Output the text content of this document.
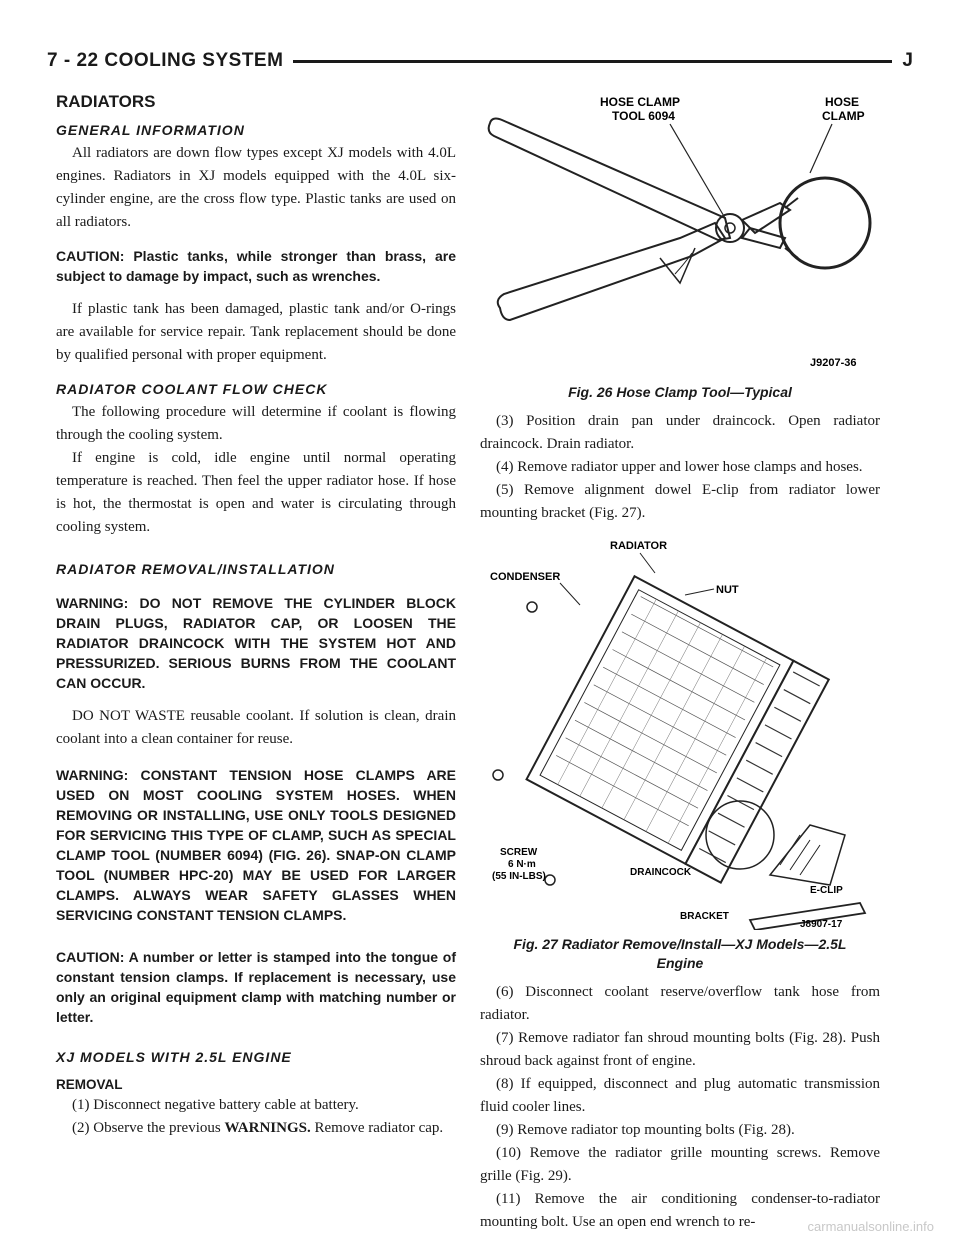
7 - 22 COOLING SYSTEM	J
RADIATORS
GENERAL INFORMATION

All radiators are down flow types except XJ models with 4.0L engines. Radiators in XJ models equipped with the 4.0L six-cylinder engine, are the cross flow type. Plastic tanks are used on all radiators.

CAUTION: Plastic tanks, while stronger than brass, are subject to damage by impact, such as wrenches.

If plastic tank has been damaged, plastic tank and/or O-rings are available for service repair. Tank replacement should be done by qualified personal with proper equipment.

RADIATOR COOLANT FLOW CHECK

The following procedure will determine if coolant is flowing through the cooling system.

If engine is cold, idle engine until normal operating temperature is reached. Then feel the upper radiator hose. If hose is hot, the thermostat is open and water is circulating through cooling system.

RADIATOR REMOVAL/INSTALLATION
WARNING: DO NOT REMOVE THE CYLINDER BLOCK DRAIN PLUGS, RADIATOR CAP, OR LOOSEN THE RADIATOR DRAINCOCK WITH THE SYSTEM HOT AND PRESSURIZED. SERIOUS BURNS FROM THE COOLANT CAN OCCUR.

DO NOT WASTE reusable coolant. If solution is clean, drain coolant into a clean container for reuse.

WARNING: CONSTANT TENSION HOSE CLAMPS ARE USED ON MOST COOLING SYSTEM HOSES. WHEN REMOVING OR INSTALLING, USE ONLY TOOLS DESIGNED FOR SERVICING THIS TYPE OF CLAMP, SUCH AS SPECIAL CLAMP TOOL (NUMBER 6094) (FIG. 26). SNAP-ON CLAMP TOOL (NUMBER HPC-20) MAY BE USED FOR LARGER CLAMPS. ALWAYS WEAR SAFETY GLASSES WHEN SERVICING CONSTANT TENSION CLAMPS.
CAUTION: A number or letter is stamped into the tongue of constant tension clamps. If replacement is necessary, use only an original equipment clamp with matching number or letter.
XJ MODELS WITH 2.5L ENGINE
REMOVAL

(1) Disconnect negative battery cable at battery.

(2) Observe the previous WARNINGS. Remove radiator cap.

HOSE CLAMP
TOOL 6094
HOSE
CLAMP
J9207-36
Fig. 26 Hose Clamp Tool—Typical

(3) Position drain pan under draincock. Open radiator draincock. Drain radiator.

(4) Remove radiator upper and lower hose clamps and hoses.

(5) Remove alignment dowel E-clip from radiator lower mounting bracket (Fig. 27).

RADIATOR
CONDENSER
NUT
SCREW
6 N·m
(55 IN-LBS)	DRAINCOCK
E-CLIP
BRACKET
J8907-17
Fig. 27 Radiator Remove/Install—XJ Models—2.5L
Engine

(6) Disconnect coolant reserve/overflow tank hose from radiator.

(7) Remove radiator fan shroud mounting bolts (Fig. 28). Push shroud back against front of engine.

(8) If equipped, disconnect and plug automatic transmission fluid cooler lines.

(9) Remove radiator top mounting bolts (Fig. 28).

(10) Remove the radiator grille mounting screws. Remove grille (Fig. 29).

(11) Remove the air conditioning condenser-to-radiator mounting bolt. Use an open end wrench to re-	carmanualsonline.info
